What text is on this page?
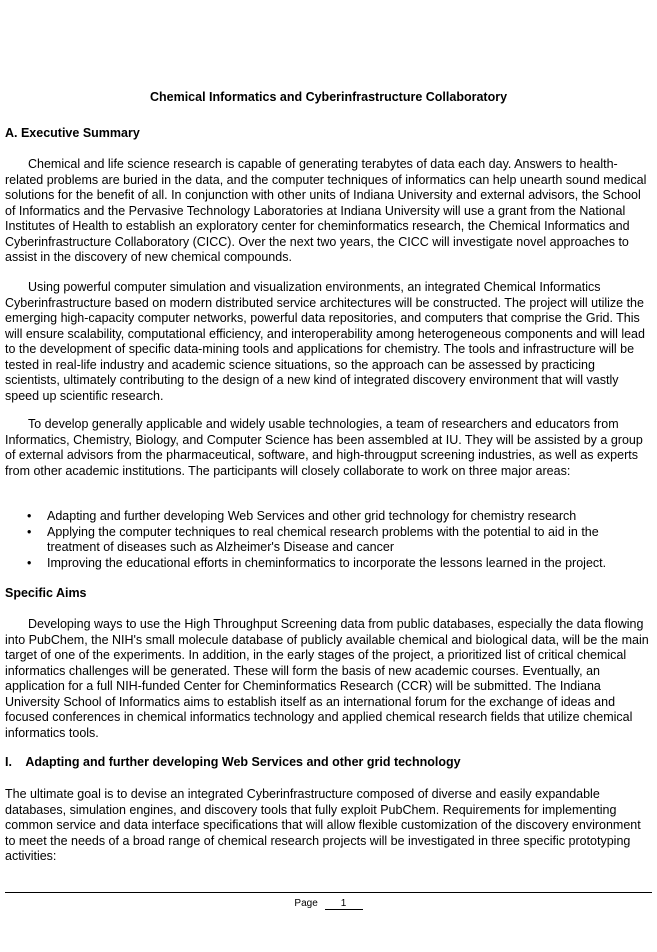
Chemical Informatics and Cyberinfrastructure Collaboratory
A. Executive Summary

Chemical and life science research is capable of generating terabytes of data each day. Answers to health-related problems are buried in the data, and the computer techniques of informatics can help unearth sound medical solutions for the benefit of all. In conjunction with other units of Indiana University and external advisors, the School of Informatics and the Pervasive Technology Laboratories at Indiana University will use a grant from the National Institutes of Health to establish an exploratory center for cheminformatics research, the Chemical Informatics and Cyberinfrastructure Collaboratory (CICC). Over the next two years, the CICC will investigate novel approaches to assist in the discovery of new chemical compounds.

Using powerful computer simulation and visualization environments, an integrated Chemical Informatics Cyberinfrastructure based on modern distributed service architectures will be constructed. The project will utilize the emerging high-capacity computer networks, powerful data repositories, and computers that comprise the Grid. This will ensure scalability, computational efficiency, and interoperability among heterogeneous components and will lead to the development of specific data-mining tools and applications for chemistry. The tools and infrastructure will be tested in real-life industry and academic science situations, so the approach can be assessed by practicing scientists, ultimately contributing to the design of a new kind of integrated discovery environment that will vastly speed up scientific research.

To develop generally applicable and widely usable technologies, a team of researchers and educators from Informatics, Chemistry, Biology, and Computer Science has been assembled at IU. They will be assisted by a group of external advisors from the pharmaceutical, software, and high-througput screening industries, as well as experts from other academic institutions. The participants will closely collaborate to work on three major areas:

• Adapting and further developing Web Services and other grid technology for chemistry research
• Applying the computer techniques to real chemical research problems with the potential to aid in the treatment of diseases such as Alzheimer's Disease and cancer
• Improving the educational efforts in cheminformatics to incorporate the lessons learned in the project.
Specific Aims

Developing ways to use the High Throughput Screening data from public databases, especially the data flowing into PubChem, the NIH's small molecule database of publicly available chemical and biological data, will be the main target of one of the experiments. In addition, in the early stages of the project, a prioritized list of critical chemical informatics challenges will be generated. These will form the basis of new academic courses. Eventually, an application for a full NIH-funded Center for Cheminformatics Research (CCR) will be submitted. The Indiana University School of Informatics aims to establish itself as an international forum for the exchange of ideas and focused conferences in chemical informatics technology and applied chemical research fields that utilize chemical informatics tools.

I.    Adapting and further developing Web Services and other grid technology

The ultimate goal is to devise an integrated Cyberinfrastructure composed of diverse and easily expandable databases, simulation engines, and discovery tools that fully exploit PubChem. Requirements for implementing common service and data interface specifications that will allow flexible customization of the discovery environment to meet the needs of a broad range of chemical research projects will be investigated in three specific prototyping activities:

Page 1
